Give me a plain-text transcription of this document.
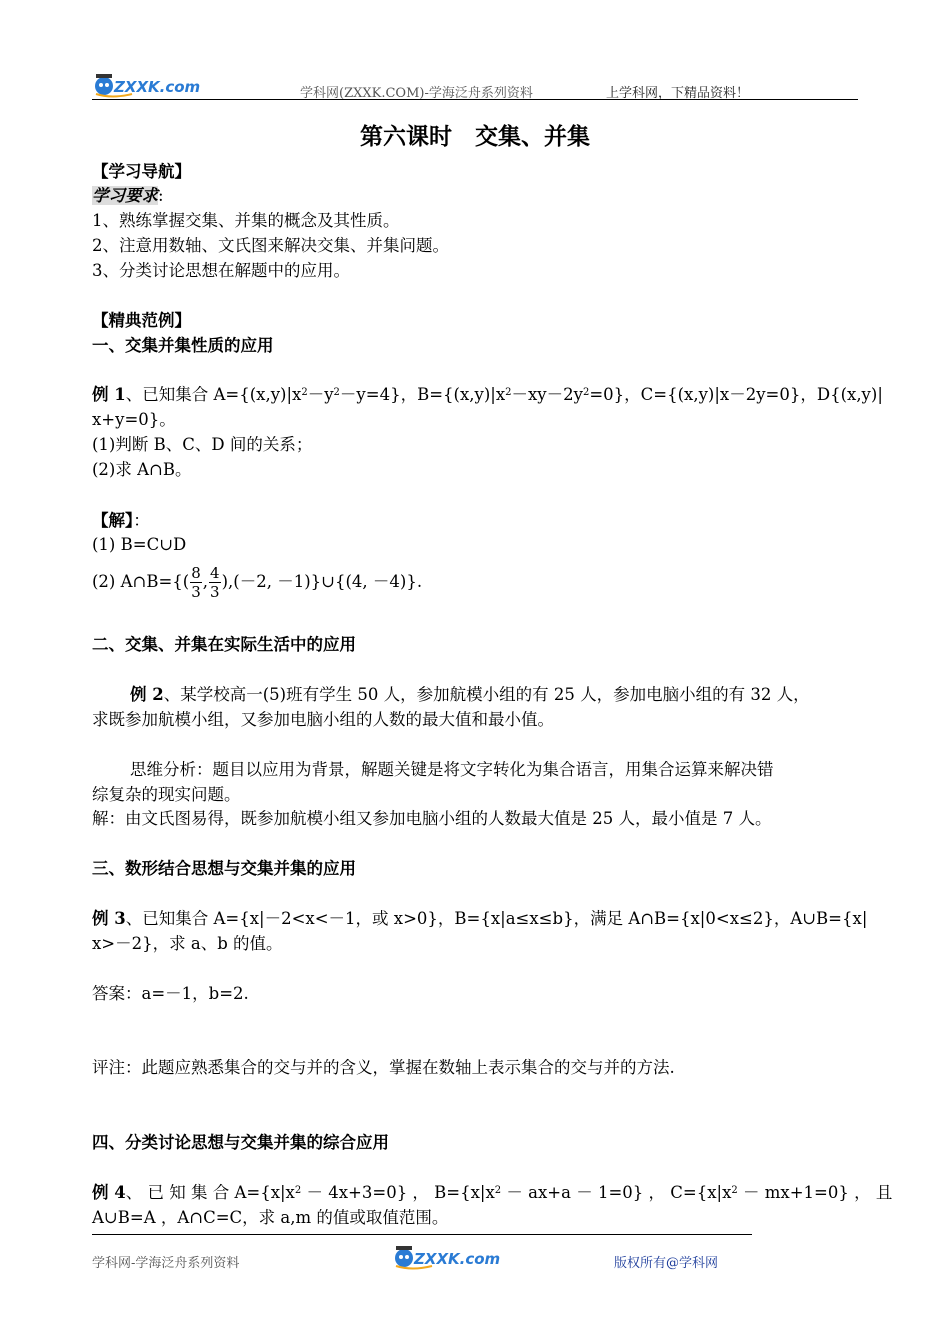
ZXXK.com	学科网(ZXXK.COM)-学海泛舟系列资料	上学科网，下精品资料！
第六课时　交集、并集
【学习导航】
学习要求:
1、熟练掌握交集、并集的概念及其性质。
2、注意用数轴、文氏图来解决交集、并集问题。
3、分类讨论思想在解题中的应用。
【精典范例】
一、交集并集性质的应用
例 1、已知集合 $A=\{(x,y)|x^2-y^2-y=4\}$，$B=\{(x,y)|x^2-xy-2y^2=0\}$，C={(x,y)|x－2y=0}，D{(x,y)|
x+y=0}。
(1)判断 B、C、D 间的关系；
(2)求 A∩B。
【解】：
(1) B=C∪D
(2) A∩B={( $\frac{8}{3}$ , $\frac{4}{3} ),(-2$, －1)}∪{(4, －4)}.
二、交集、并集在实际生活中的应用
例 2、某学校高一(5)班有学生 50 人，参加航模小组的有 25 人，参加电脑小组的有 32 人，
求既参加航模小组，又参加电脑小组的人数的最大值和最小值。
思维分析：题目以应用为背景，解题关键是将文字转化为集合语言，用集合运算来解决错
综复杂的现实问题。
解：由文氏图易得，既参加航模小组又参加电脑小组的人数最大值是 25 人，最小值是 7 人。
三、数形结合思想与交集并集的应用
例 3、已知集合 A={x|－2<x<－1，或 x>0}，B={x|a≤x≤b}，满足 A∩B={x|0<x≤2}，A∪B={x|
x>－2}，求 a、b 的值。
答案：a=－1，b=2.
评注：此题应熟悉集合的交与并的含义，掌握在数轴上表示集合的交与并的方法.
四、分类讨论思想与交集并集的综合应用
例 4、 已 知 集 合 $A=\{x|x^2 - 4x+3=0\}$ ， $B=\{x|x^2 - ax+a - 1=0\}$ ， $C=\{x|x^2 - mx+1=0\}$ ， 且
A∪B=A ，A∩C=C，求 a,m 的值或取值范围。
学科网-学海泛舟系列资料	ZXXK.com	版权所有@学科网
